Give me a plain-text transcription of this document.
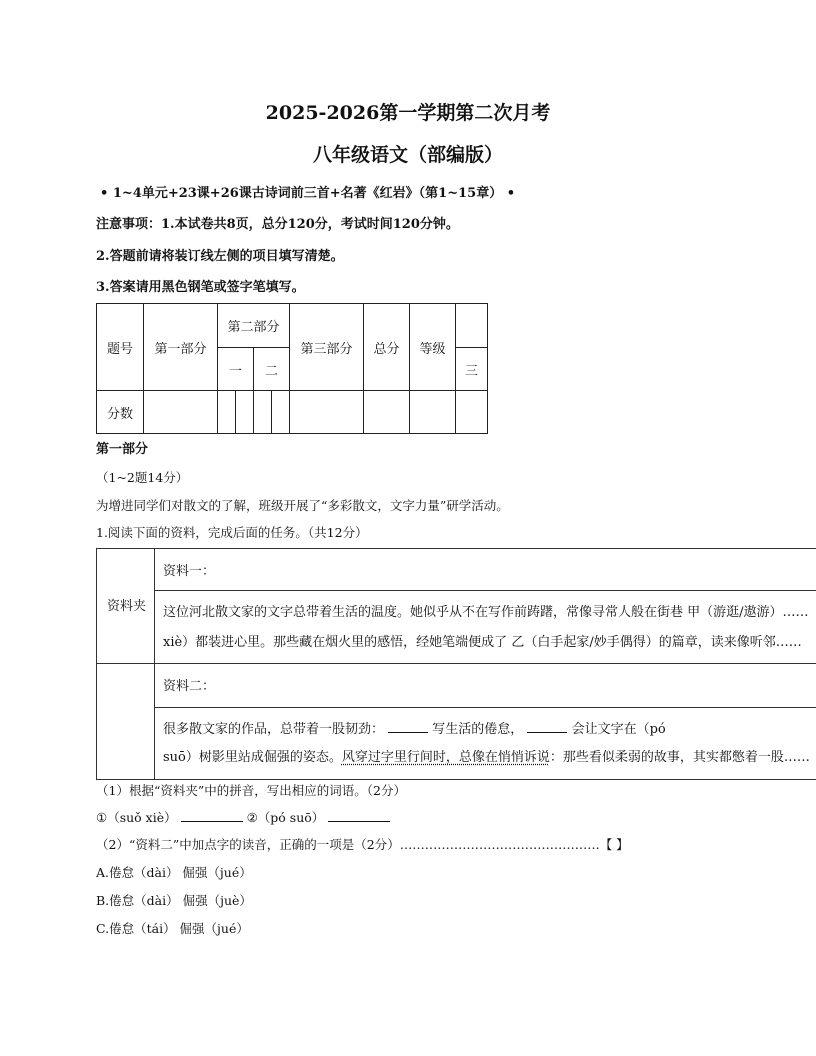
2025-2026第一学期第二次月考
八年级语文（部编版）
• 1~4单元+23课+26课古诗词前三首+名著《红岩》（第1~15章） •
注意事项：1.本试卷共8页，总分120分，考试时间120分钟。
2.答题前请将装订线左侧的项目填写清楚。
3.答案请用黑色钢笔或签字笔填写。
题号	第一部分	第二部分				第三部分	总分	等级	
		一		二					三
分数									
第一部分
（1~2题14分）
为增进同学们对散文的了解，班级开展了“多彩散文，文字力量”研学活动。
1.阅读下面的资料，完成后面的任务。（共12分）
资料夹
资料一：
这位河北散文家的文字总带着生活的温度。她似乎从不在写作前踌躇，常像寻常人般在街巷 甲（游逛/遨游）……
xiè）都装进心里。那些藏在烟火里的感悟，经她笔端便成了 乙（白手起家/妙手偶得）的篇章，读来像听邻……
资料二：
很多散文家的作品，总带着一股韧劲：	写生活的倦怠，	会让文字在（pó
suō）树影里站成倔强的姿态。风穿过字里行间时，总像在悄悄诉说：那些看似柔弱的故事，其实都憋着一股……
（1）根据“资料夹”中的拼音，写出相应的词语。（2分）
①（suǒ xiè）	②（pó suō）
（2）“资料二”中加点字的读音，正确的一项是（2分）…………………………………………【 】
A.倦怠（dài） 倔强（jué）
B.倦怠（dài） 倔强（juè）
C.倦怠（tái） 倔强（jué）
